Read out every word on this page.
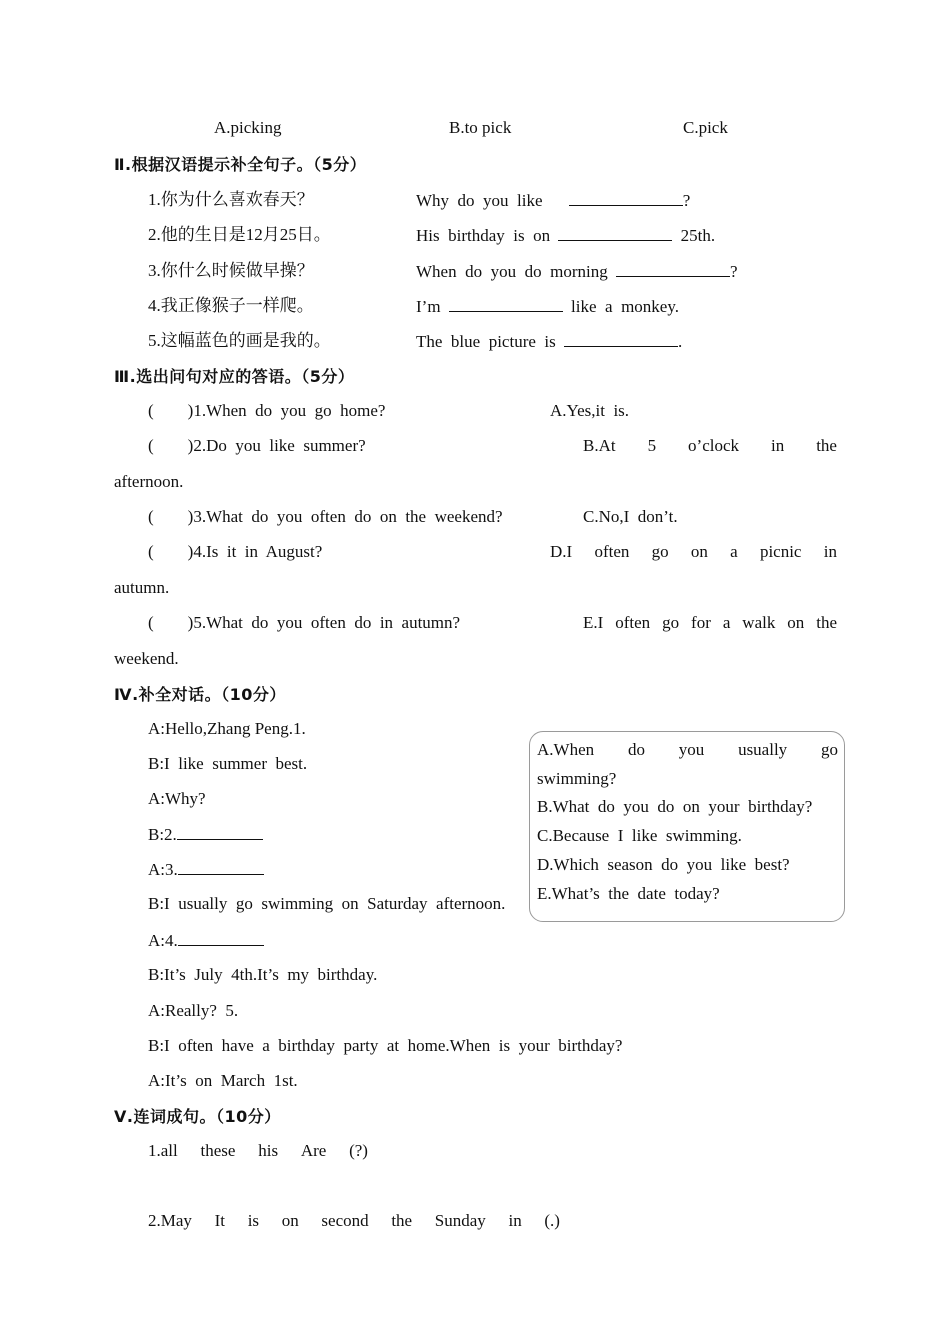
A.picking	B.to pick	C.pick
Ⅱ.根据汉语提示补全句子。（5分）
1.你为什么喜欢春天？	Why  do  you  like	?
2.他的生日是12月25日。	His  birthday  is  on	25th.
3.你什么时候做早操？	When  do  you  do  morning	?
4.我正像猴子一样爬。	I’m	like  a  monkey.
5.这幅蓝色的画是我的。	The  blue  picture  is	.
Ⅲ.选出问句对应的答语。（5分）
(        )1.When  do  you  go  home?	A.Yes,it  is.
(        )2.Do  you  like  summer?	B.At 5 o’clock in the
afternoon.
(        )3.What  do  you  often  do  on  the  weekend?	C.No,I  don’t.
(        )4.Is  it  in  August?	D.I often go on a picnic in
autumn.
(        )5.What  do  you  often  do  in  autumn?	E.I often go for a walk on the
weekend.
Ⅳ.补全对话。（10分）
A:Hello,Zhang Peng.1.
B:I  like  summer  best.
A:Why?
B:2.
A:3.
B:I  usually  go  swimming  on  Saturday  afternoon.
A:4.
B:It’s  July  4th.It’s  my  birthday.
A:Really?  5.
B:I  often  have  a  birthday  party  at  home.When  is  your  birthday?
A:It’s  on  March  1st.
A.When do you usually go
swimming?
B.What  do  you  do  on  your  birthday?
C.Because  I  like  swimming.
D.Which  season  do  you  like  best?
E.What’s  the  date  today?
Ⅴ.连词成句。（10分）
1.all these his Are (?)
2.May It is on second the Sunday in (.)
